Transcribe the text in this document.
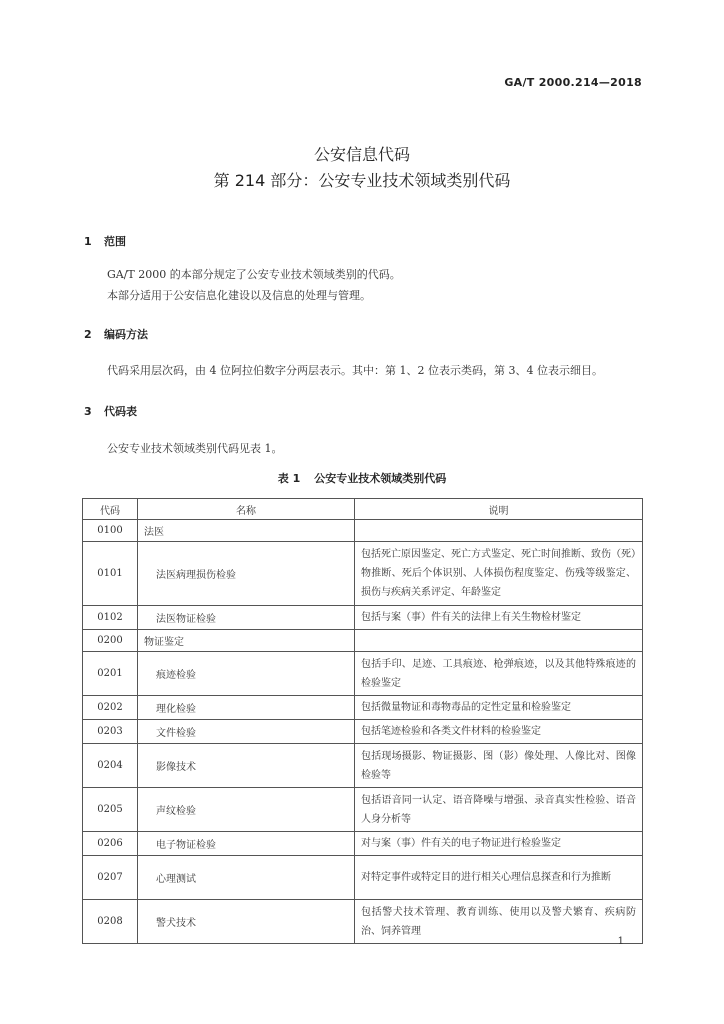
GA/T 2000.214—2018
公安信息代码
第 214 部分：公安专业技术领域类别代码
1 范围
GA/T 2000 的本部分规定了公安专业技术领域类别的代码。
本部分适用于公安信息化建设以及信息的处理与管理。
2 编码方法
代码采用层次码，由 4 位阿拉伯数字分两层表示。其中：第 1、2 位表示类码，第 3、4 位表示细目。
3 代码表
公安专业技术领域类别代码见表 1。
表 1 公安专业技术领域类别代码
代码	名称	说明
0100	法医	
0101	法医病理损伤检验	包括死亡原因鉴定、死亡方式鉴定、死亡时间推断、致伤（死）物推断、死后个体识别、人体损伤程度鉴定、伤残等级鉴定、损伤与疾病关系评定、年龄鉴定
0102	法医物证检验	包括与案（事）件有关的法律上有关生物检材鉴定
0200	物证鉴定	
0201	痕迹检验	包括手印、足迹、工具痕迹、枪弹痕迹，以及其他特殊痕迹的检验鉴定
0202	理化检验	包括微量物证和毒物毒品的定性定量和检验鉴定
0203	文件检验	包括笔迹检验和各类文件材料的检验鉴定
0204	影像技术	包括现场摄影、物证摄影、图（影）像处理、人像比对、图像检验等
0205	声纹检验	包括语音同一认定、语音降噪与增强、录音真实性检验、语音人身分析等
0206	电子物证检验	对与案（事）件有关的电子物证进行检验鉴定
0207	心理测试	对特定事件或特定目的进行相关心理信息探查和行为推断
0208	警犬技术	包括警犬技术管理、教育训练、使用以及警犬繁育、疾病防治、饲养管理
1
